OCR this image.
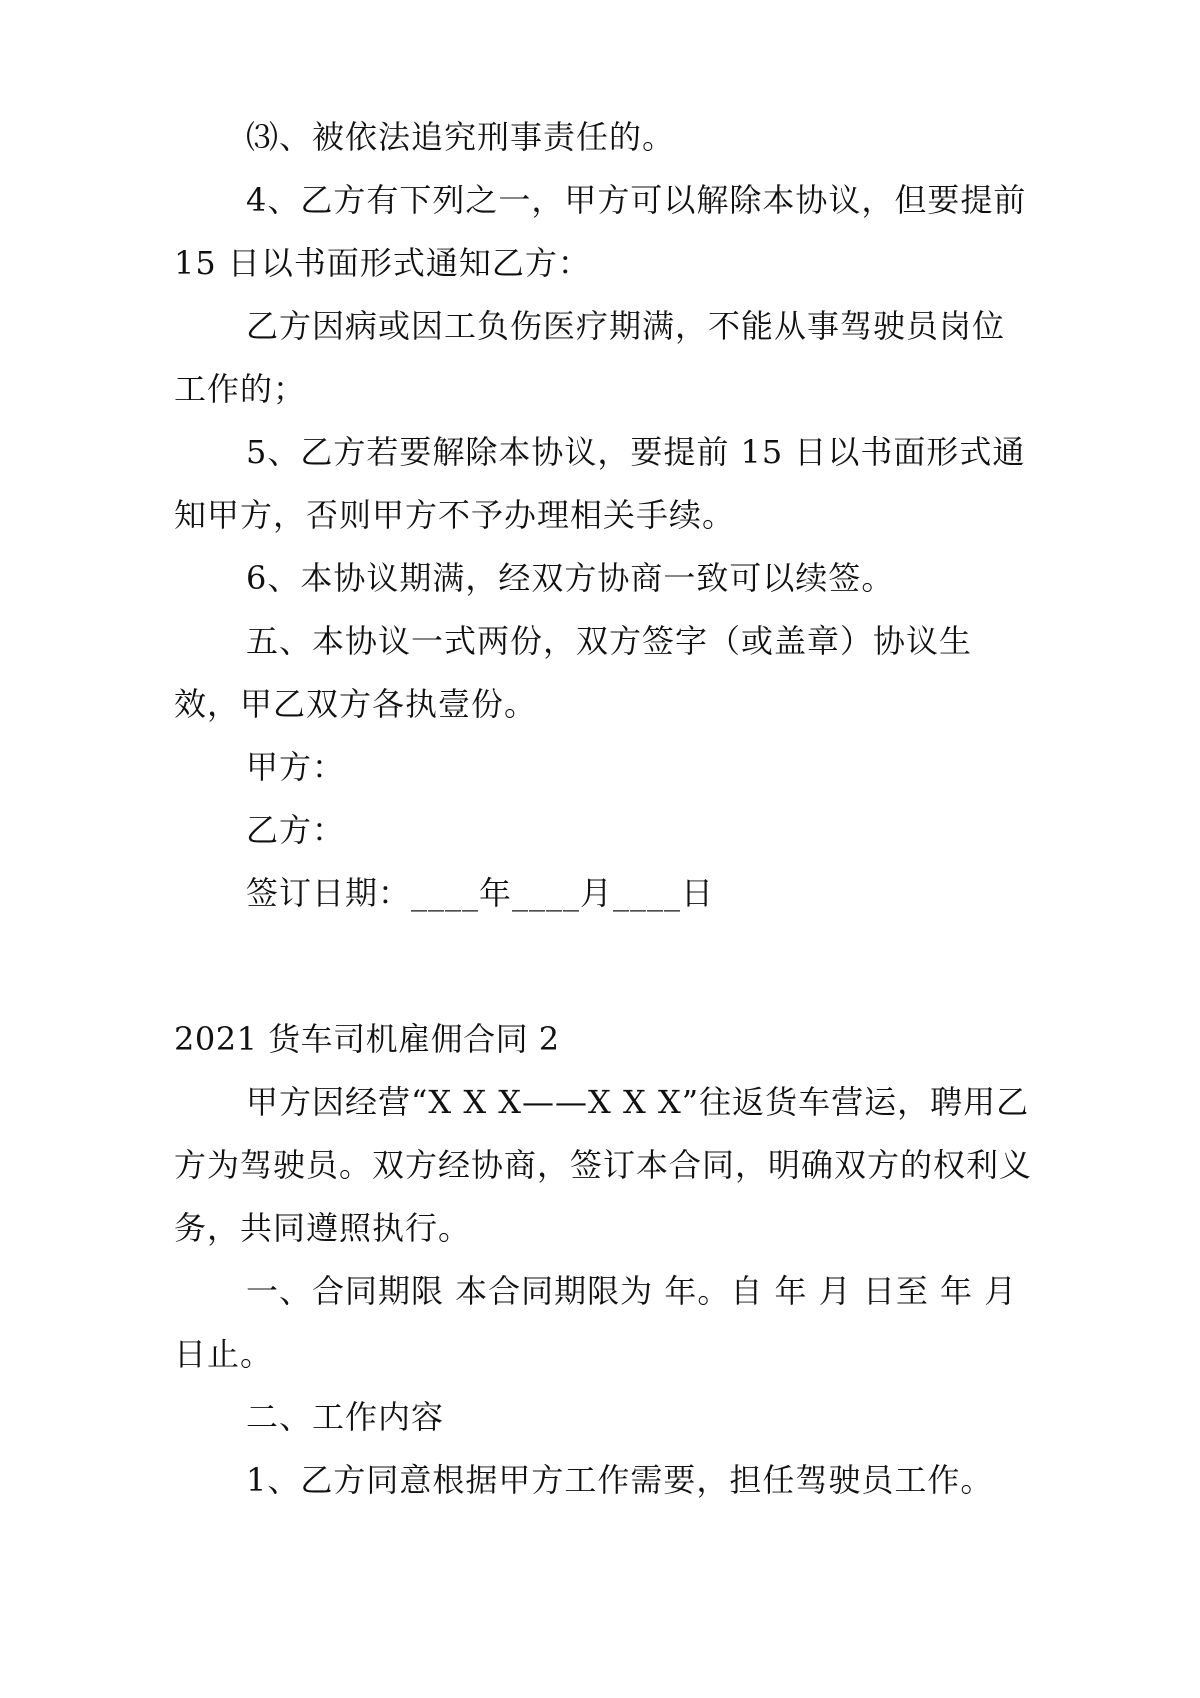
⑶、被依法追究刑事责任的。

4、乙方有下列之一，甲方可以解除本协议，但要提前 15 日以书面形式通知乙方：

乙方因病或因工负伤医疗期满，不能从事驾驶员岗位工作的；

5、乙方若要解除本协议，要提前 15 日以书面形式通知甲方，否则甲方不予办理相关手续。

6、本协议期满，经双方协商一致可以续签。

五、本协议一式两份，双方签字（或盖章）协议生效，甲乙双方各执壹份。

甲方：

乙方：

签订日期：____年____月____日

2021 货车司机雇佣合同 2

甲方因经营“X X X——X X X”往返货车营运，聘用乙方为驾驶员。双方经协商，签订本合同，明确双方的权利义务，共同遵照执行。

一、合同期限 本合同期限为 年。自 年 月 日至 年 月 日止。

二、工作内容

1、乙方同意根据甲方工作需要，担任驾驶员工作。
